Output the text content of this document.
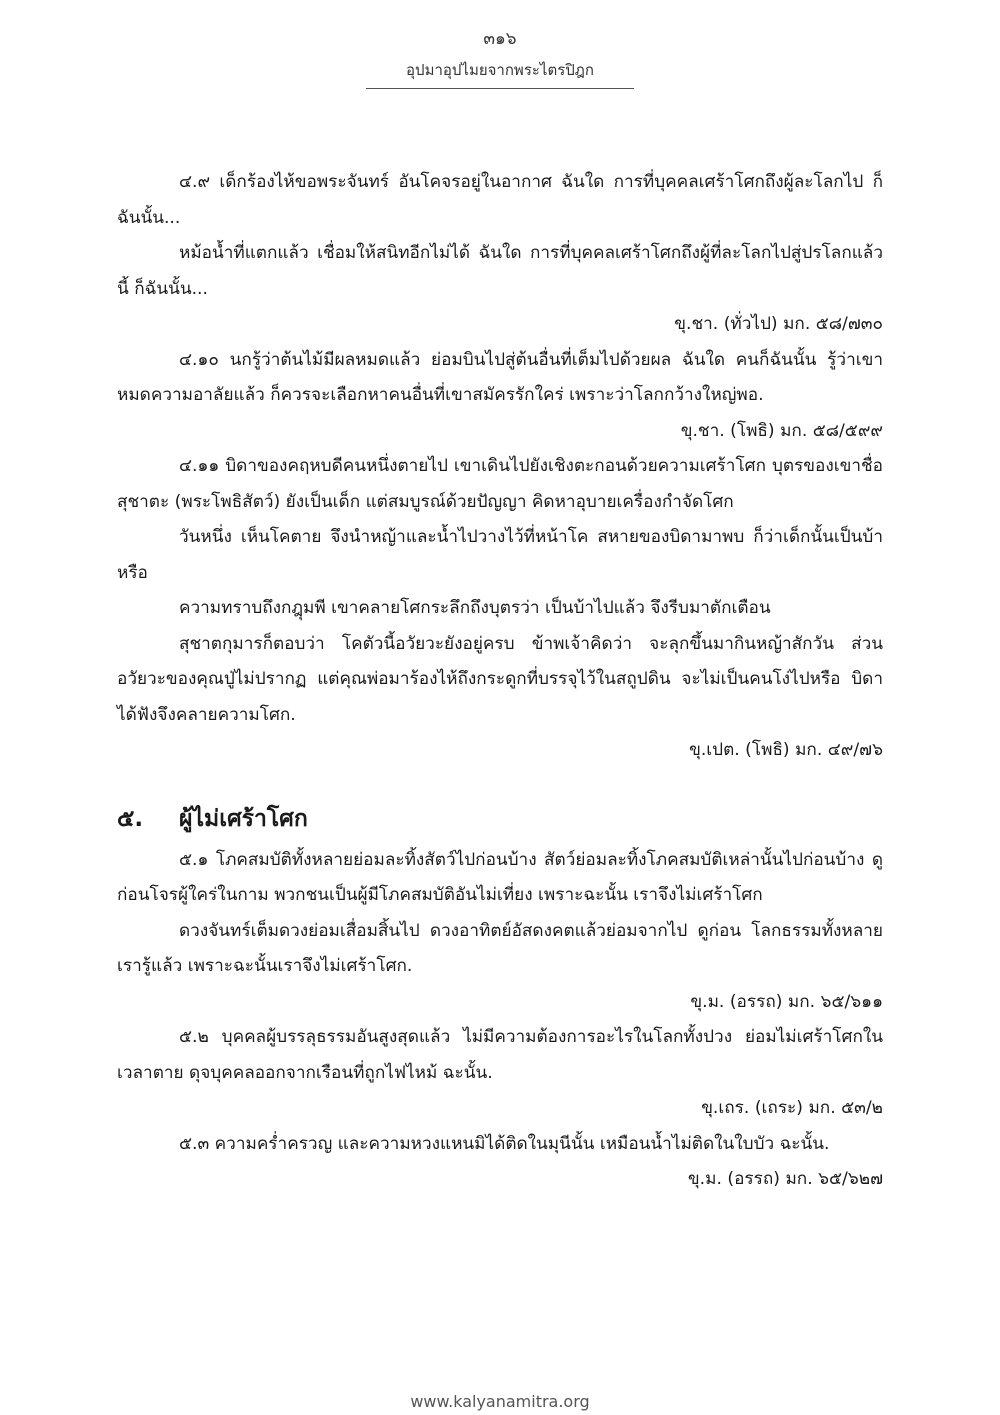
๓๑๖
อุปมาอุปไมยจากพระไตรปิฎก

๔.๙ เด็กร้องไห้ขอพระจันทร์ อันโคจรอยู่ในอากาศ ฉันใด การที่บุคคลเศร้าโศกถึงผู้ละโลกไป ก็ฉันนั้น...

หม้อน้ำที่แตกแล้ว เชื่อมให้สนิทอีกไม่ได้ ฉันใด การที่บุคคลเศร้าโศกถึงผู้ที่ละโลกไปสู่ปรโลกแล้วนี้ ก็ฉันนั้น...

ขุ.ชา. (ทั่วไป) มก. ๕๘/๗๓๐

๔.๑๐ นกรู้ว่าต้นไม้มีผลหมดแล้ว ย่อมบินไปสู่ต้นอื่นที่เต็มไปด้วยผล ฉันใด คนก็ฉันนั้น รู้ว่าเขาหมดความอาลัยแล้ว ก็ควรจะเลือกหาคนอื่นที่เขาสมัครรักใคร่ เพราะว่าโลกกว้างใหญ่พอ.

ขุ.ชา. (โพธิ) มก. ๕๘/๕๙๙

๔.๑๑ บิดาของคฤหบดีคนหนึ่งตายไป เขาเดินไปยังเชิงตะกอนด้วยความเศร้าโศก บุตรของเขาชื่อ สุชาตะ (พระโพธิสัตว์) ยังเป็นเด็ก แต่สมบูรณ์ด้วยปัญญา คิดหาอุบายเครื่องกำจัดโศก

วันหนึ่ง เห็นโคตาย จึงนำหญ้าและน้ำไปวางไว้ที่หน้าโค สหายของบิดามาพบ ก็ว่าเด็กนั้นเป็นบ้าหรือ

ความทราบถึงกฎุมพี เขาคลายโศกระลึกถึงบุตรว่า เป็นบ้าไปแล้ว จึงรีบมาตักเตือน

สุชาตกุมารก็ตอบว่า โคตัวนี้อวัยวะยังอยู่ครบ ข้าพเจ้าคิดว่า จะลุกขึ้นมากินหญ้าสักวัน ส่วนอวัยวะของคุณปู่ไม่ปรากฏ แต่คุณพ่อมาร้องไห้ถึงกระดูกที่บรรจุไว้ในสถูปดิน จะไม่เป็นคนโง่ไปหรือ บิดาได้ฟังจึงคลายความโศก.

ขุ.เปต. (โพธิ) มก. ๔๙/๗๖

๕. ผู้ไม่เศร้าโศก

๕.๑ โภคสมบัติทั้งหลายย่อมละทิ้งสัตว์ไปก่อนบ้าง สัตว์ย่อมละทิ้งโภคสมบัติเหล่านั้นไปก่อนบ้าง ดูก่อนโจรผู้ใคร่ในกาม พวกชนเป็นผู้มีโภคสมบัติอันไม่เที่ยง เพราะฉะนั้น เราจึงไม่เศร้าโศก

ดวงจันทร์เต็มดวงย่อมเสื่อมสิ้นไป ดวงอาทิตย์อัสดงคตแล้วย่อมจากไป ดูก่อน โลกธรรมทั้งหลาย เรารู้แล้ว เพราะฉะนั้นเราจึงไม่เศร้าโศก.

ขุ.ม. (อรรถ) มก. ๖๕/๖๑๑

๕.๒ บุคคลผู้บรรลุธรรมอันสูงสุดแล้ว ไม่มีความต้องการอะไรในโลกทั้งปวง ย่อมไม่เศร้าโศกในเวลาตาย ดุจบุคคลออกจากเรือนที่ถูกไฟไหม้ ฉะนั้น.

ขุ.เถร. (เถระ) มก. ๕๓/๒

๕.๓ ความคร่ำครวญ และความหวงแหนมิได้ติดในมุนีนั้น เหมือนน้ำไม่ติดในใบบัว ฉะนั้น.

ขุ.ม. (อรรถ) มก. ๖๕/๖๒๗

www.kalyanamitra.org
